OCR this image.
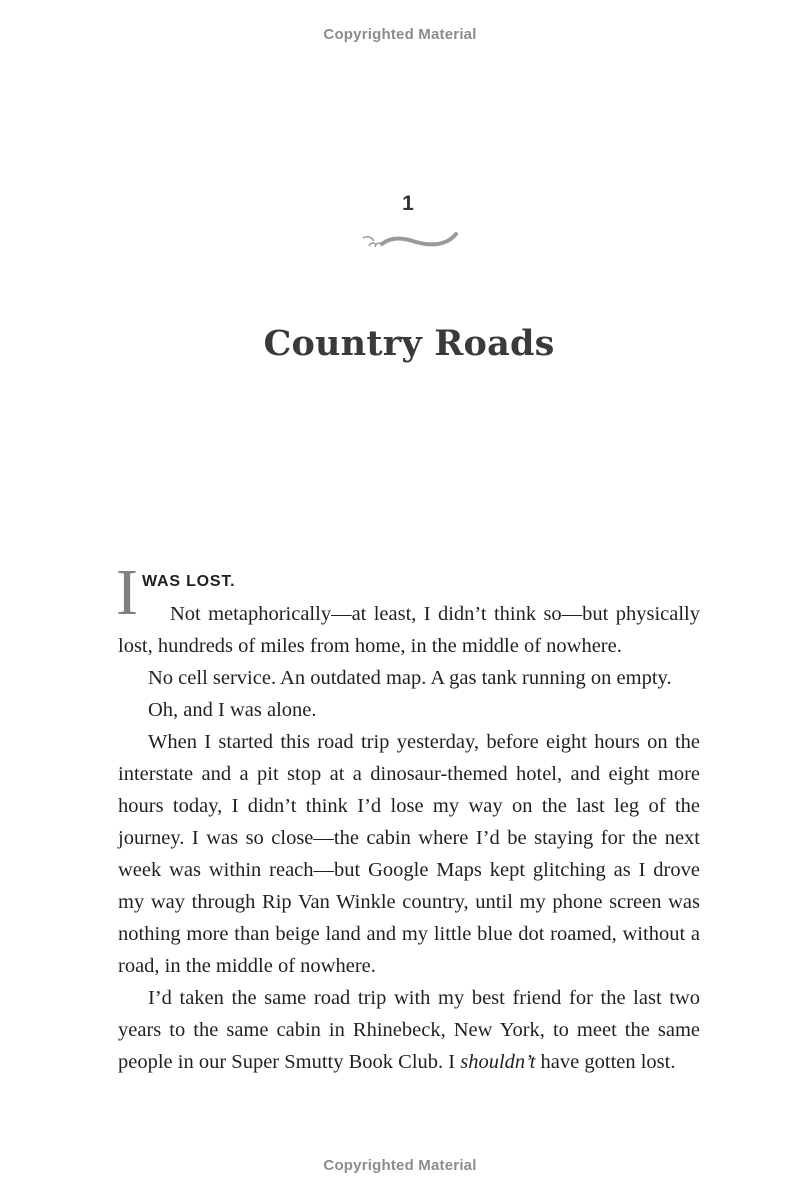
Copyrighted Material
1
Country Roads
I WAS LOST.

Not metaphorically—at least, I didn’t think so—but physically lost, hundreds of miles from home, in the middle of nowhere.

No cell service. An outdated map. A gas tank running on empty.

Oh, and I was alone.

When I started this road trip yesterday, before eight hours on the interstate and a pit stop at a dinosaur-themed hotel, and eight more hours today, I didn’t think I’d lose my way on the last leg of the journey. I was so close—the cabin where I’d be staying for the next week was within reach—but Google Maps kept glitching as I drove my way through Rip Van Winkle country, until my phone screen was nothing more than beige land and my little blue dot roamed, without a road, in the middle of nowhere.

I’d taken the same road trip with my best friend for the last two years to the same cabin in Rhinebeck, New York, to meet the same people in our Super Smutty Book Club. I shouldn’t have gotten lost.

Copyrighted Material
